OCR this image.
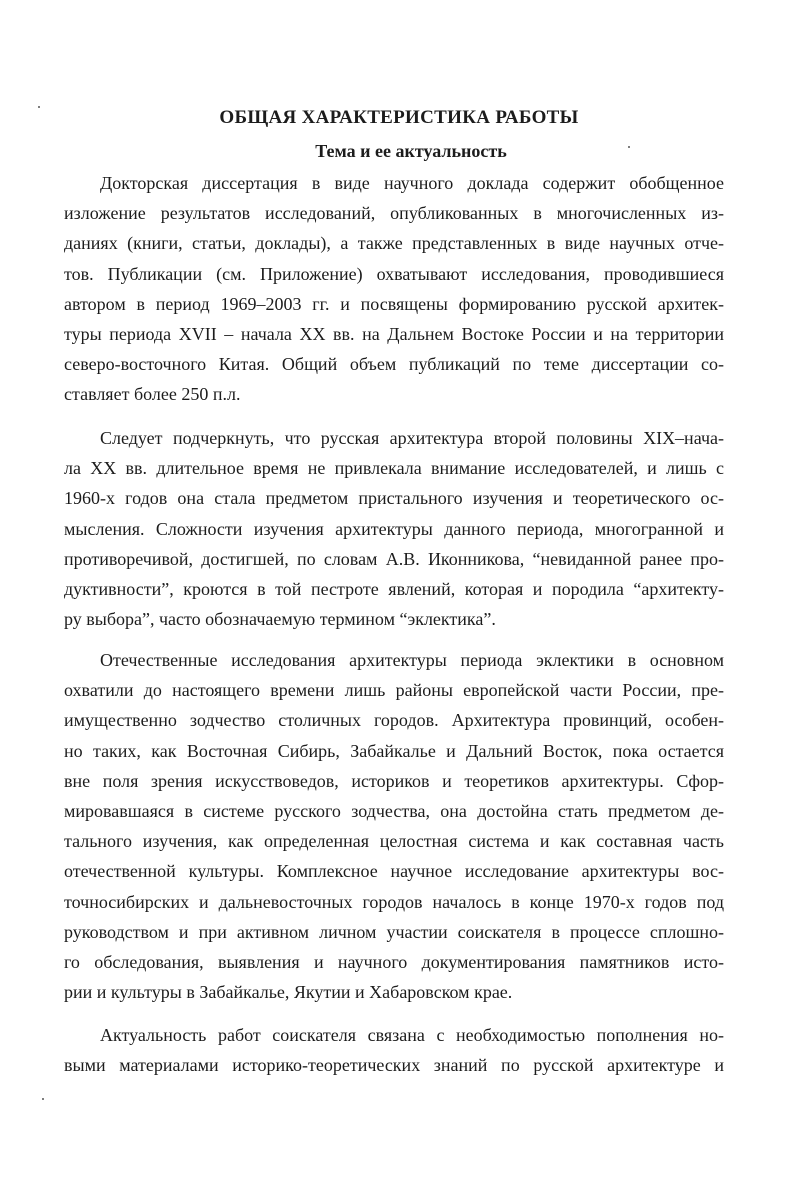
ОБЩАЯ ХАРАКТЕРИСТИКА РАБОТЫ
Тема и ее актуальность
Докторская диссертация в виде научного доклада содержит обобщенное
изложение результатов исследований, опубликованных в многочисленных из-
даниях (книги, статьи, доклады), а также представленных в виде научных отче-
тов. Публикации (см. Приложение) охватывают исследования, проводившиеся
автором в период 1969–2003 гг. и посвящены формированию русской архитек-
туры периода XVII – начала XX вв. на Дальнем Востоке России и на территории
северо-восточного Китая. Общий объем публикаций по теме диссертации со-
ставляет более 250 п.л.
Следует подчеркнуть, что русская архитектура второй половины XIX–нача-
ла XX вв. длительное время не привлекала внимание исследователей, и лишь с
1960-х годов она стала предметом пристального изучения и теоретического ос-
мысления. Сложности изучения архитектуры данного периода, многогранной и
противоречивой, достигшей, по словам А.В. Иконникова, “невиданной ранее про-
дуктивности”, кроются в той пестроте явлений, которая и породила “архитекту-
ру выбора”, часто обозначаемую термином “эклектика”.
Отечественные исследования архитектуры периода эклектики в основном
охватили до настоящего времени лишь районы европейской части России, пре-
имущественно зодчество столичных городов. Архитектура провинций, особен-
но таких, как Восточная Сибирь, Забайкалье и Дальний Восток, пока остается
вне поля зрения искусствоведов, историков и теоретиков архитектуры. Сфор-
мировавшаяся в системе русского зодчества, она достойна стать предметом де-
тального изучения, как определенная целостная система и как составная часть
отечественной культуры. Комплексное научное исследование архитектуры вос-
точносибирских и дальневосточных городов началось в конце 1970-х годов под
руководством и при активном личном участии соискателя в процессе сплошно-
го обследования, выявления и научного документирования памятников исто-
рии и культуры в Забайкалье, Якутии и Хабаровском крае.
Актуальность работ соискателя связана с необходимостью пополнения но-
выми материалами историко-теоретических знаний по русской архитектуре и
